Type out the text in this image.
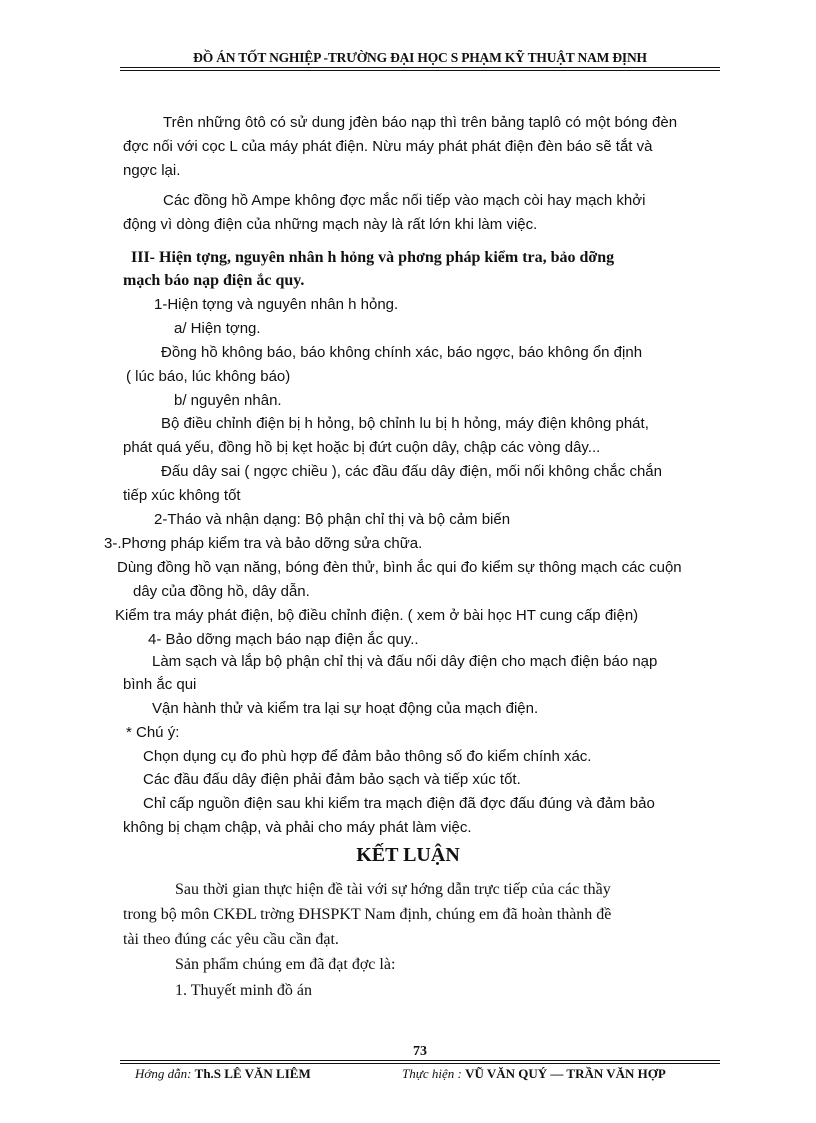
ĐỒ ÁN TỐT NGHIỆP -TRƯỜNG ĐẠI HỌC S PHẠM KỸ THUẬT NAM ĐỊNH
Trên những ôtô có sử dung jđèn báo nạp thì trên bảng taplô có một bóng đèn
đợc nối với cọc L của máy phát điện. Nừu máy phát phát điện đèn báo sẽ tắt và
ngợc lại.
Các đồng hồ Ampe không đợc mắc nối tiếp vào mạch còi hay mạch khởi
động vì dòng điện của những mạch này là rất lớn khi làm việc.
III- Hiện tợng, nguyên nhân h hỏng và phơng pháp kiểm tra, bảo dỡng
mạch báo nạp điện ắc quy.
1-Hiện tợng và nguyên nhân h hỏng.
a/ Hiện tợng.
Đồng hồ không báo, báo không chính xác, báo ngợc, báo không ổn định
( lúc báo, lúc không báo)
b/ nguyên nhân.
Bộ điều chỉnh điện bị h hỏng, bộ chỉnh lu bị h hỏng, máy điện không phát,
phát quá yếu, đồng hồ bị kẹt hoặc bị đứt cuộn dây, chập các vòng dây...
Đấu dây sai ( ngợc chiều ), các đầu đấu dây điện, mối nối không chắc chắn
tiếp xúc không tốt
2-Tháo và nhận dạng: Bộ phận chỉ thị và bộ cảm biến
3-.Phơng pháp kiểm tra và bảo dỡng sửa chữa.
Dùng đồng hồ vạn năng, bóng đèn thử, bình ắc qui đo kiểm sự thông mạch các cuộn
dây của đồng hồ, dây dẫn.
Kiểm tra máy phát điện, bộ điều chỉnh điện. ( xem ở bài học HT cung cấp điện)
4- Bảo dỡng mạch báo nạp điện ắc quy..
Làm sạch và lắp bộ phận chỉ thị và đấu nối dây điện cho mạch điện báo nạp
bình ắc qui
Vận hành thử và kiểm tra lại sự hoạt động của mạch điện.
* Chú ý:
Chọn dụng cụ đo phù hợp để đảm bảo thông số đo kiểm chính xác.
Các đầu đấu dây điện phải đảm bảo sạch và tiếp xúc tốt.
Chỉ cấp nguồn điện sau khi kiểm tra mạch điện đã đợc đấu đúng và đảm bảo
không bị chạm chập, và phải cho máy phát làm việc.
KẾT LUẬN
Sau thời gian thực hiện đề tài với sự hớng dẫn trực tiếp của các thầy
trong bộ môn CKĐL trờng ĐHSPKT Nam định, chúng em đã hoàn thành đề
tài theo đúng các yêu cầu cần đạt.
Sản phẩm chúng em đã đạt đợc là:
1. Thuyết minh đồ án
73
Hớng dẫn: Th.S LÊ VĂN LIÊM	Thực hiện : VŨ VĂN QUÝ — TRẦN VĂN HỢP
